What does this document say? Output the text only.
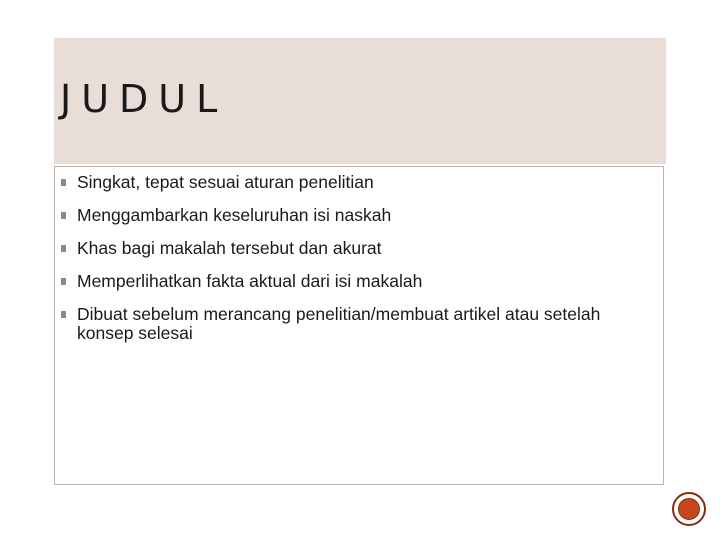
JUDUL
Singkat, tepat sesuai aturan penelitian
Menggambarkan keseluruhan isi naskah
Khas bagi makalah tersebut dan akurat
Memperlihatkan fakta aktual dari isi makalah
Dibuat sebelum merancang penelitian/membuat artikel atau setelah konsep selesai
